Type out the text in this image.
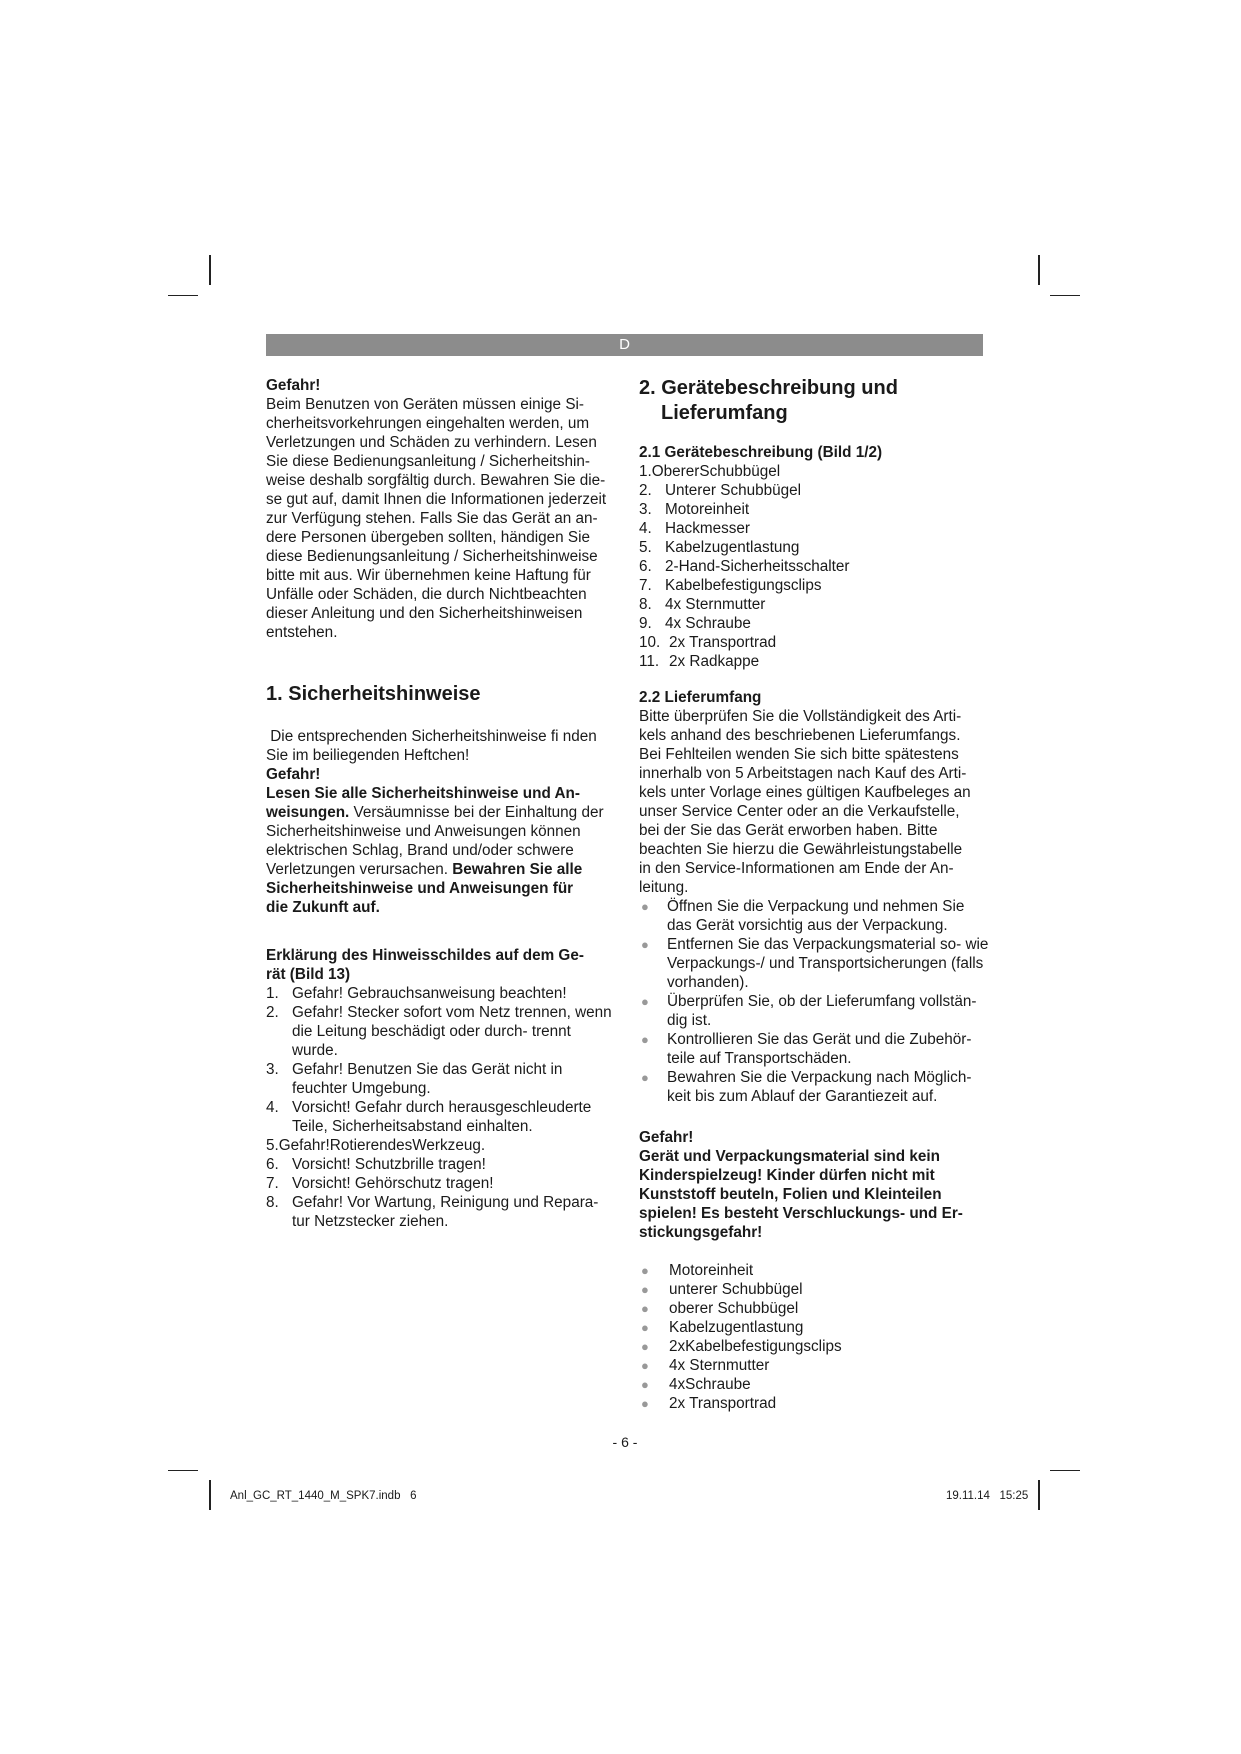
D

Gefahr!

Beim Benutzen von Geräten müssen einige Si-

cherheitsvorkehrungen eingehalten werden, um

Verletzungen und Schäden zu verhindern. Lesen

Sie diese Bedienungsanleitung / Sicherheitshin-

weise deshalb sorgfältig durch. Bewahren Sie die-

se gut auf, damit Ihnen die Informationen jederzeit

zur Verfügung stehen. Falls Sie das Gerät an an-

dere Personen übergeben sollten, händigen Sie

diese Bedienungsanleitung / Sicherheitshinweise

bitte mit aus. Wir übernehmen keine Haftung für

Unfälle oder Schäden, die durch Nichtbeachten

dieser Anleitung und den Sicherheitshinweisen

entstehen.

1. Sicherheitshinweise

Die entsprechenden Sicherheitshinweise fi nden

Sie im beiliegenden Heftchen!

Gefahr!

Lesen Sie alle Sicherheitshinweise und An-

weisungen. Versäumnisse bei der Einhaltung der

Sicherheitshinweise und Anweisungen können

elektrischen Schlag, Brand und/oder schwere

Verletzungen verursachen. Bewahren Sie alle

Sicherheitshinweise und Anweisungen für

die Zukunft auf.

Erklärung des Hinweisschildes auf dem Ge-

rät (Bild 13)

1. Gefahr! Gebrauchsanweisung beachten!
2. Gefahr! Stecker sofort vom Netz trennen, wenn die Leitung beschädigt oder durch- trennt wurde.
3. Gefahr! Benutzen Sie das Gerät nicht in feuchter Umgebung.
4. Vorsicht! Gefahr durch herausgeschleuderte Teile, Sicherheitsabstand einhalten.
5.Gefahr!RotierendesWerkzeug.
6. Vorsicht! Schutzbrille tragen!
7. Vorsicht! Gehörschutz tragen!
8. Gefahr! Vor Wartung, Reinigung und Repara- tur Netzstecker ziehen.
2. Gerätebeschreibung und Lieferumfang

2.1 Gerätebeschreibung (Bild 1/2)

1.ObererSchubbügel
2. Unterer Schubbügel
3. Motoreinheit
4. Hackmesser
5. Kabelzugentlastung
6. 2-Hand-Sicherheitsschalter
7. Kabelbefestigungsclips
8. 4x Sternmutter
9. 4x Schraube
10. 2x Transportrad
11. 2x Radkappe

2.2 Lieferumfang

Bitte überprüfen Sie die Vollständigkeit des Arti-

kels anhand des beschriebenen Lieferumfangs.

Bei Fehlteilen wenden Sie sich bitte spätestens

innerhalb von 5 Arbeitstagen nach Kauf des Arti-

kels unter Vorlage eines gültigen Kaufbeleges an

unser Service Center oder an die Verkaufstelle,

bei der Sie das Gerät erworben haben. Bitte

beachten Sie hierzu die Gewährleistungstabelle

in den Service-Informationen am Ende der An-

leitung.

● Öffnen Sie die Verpackung und nehmen Sie das Gerät vorsichtig aus der Verpackung.
● Entfernen Sie das Verpackungsmaterial so- wie Verpackungs-/ und Transportsicherungen (falls vorhanden).
● Überprüfen Sie, ob der Lieferumfang vollstän- dig ist.
● Kontrollieren Sie das Gerät und die Zubehör- teile auf Transportschäden.
● Bewahren Sie die Verpackung nach Möglich- keit bis zum Ablauf der Garantiezeit auf.

Gefahr!

Gerät und Verpackungsmaterial sind kein

Kinderspielzeug! Kinder dürfen nicht mit

Kunststoff beuteln, Folien und Kleinteilen

spielen! Es besteht Verschluckungs- und Er-

stickungsgefahr!

● Motoreinheit
● unterer Schubbügel
● oberer Schubbügel
● Kabelzugentlastung
● 2xKabelbefestigungsclips
● 4x Sternmutter
● 4xSchraube
● 2x Transportrad
- 6 -
Anl_GC_RT_1440_M_SPK7.indb   6	19.11.14   15:25
